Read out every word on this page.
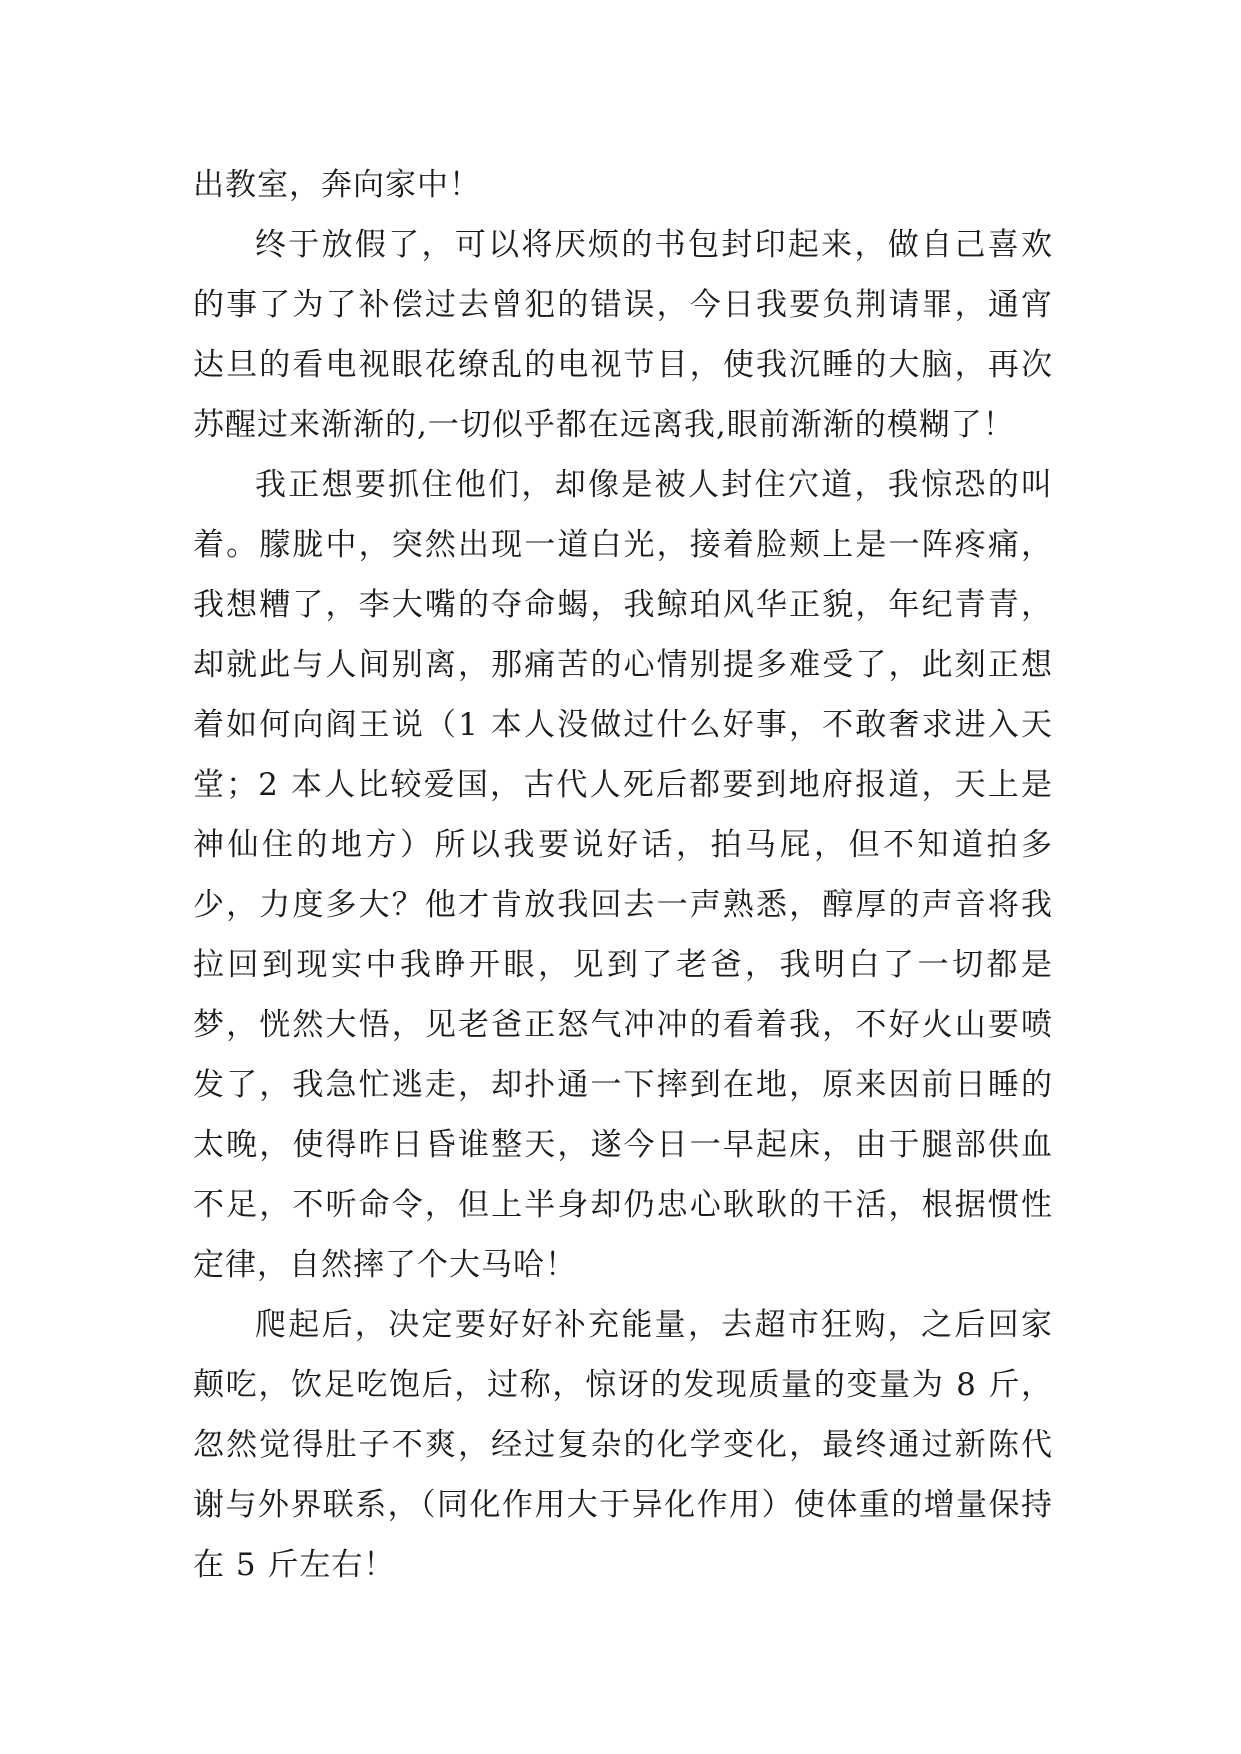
出教室，奔向家中！

终于放假了，可以将厌烦的书包封印起来，做自己喜欢的事了为了补偿过去曾犯的错误，今日我要负荆请罪，通宵达旦的看电视眼花缭乱的电视节目，使我沉睡的大脑，再次苏醒过来渐渐的,一切似乎都在远离我,眼前渐渐的模糊了！

我正想要抓住他们，却像是被人封住穴道，我惊恐的叫着。朦胧中，突然出现一道白光，接着脸颊上是一阵疼痛，我想糟了，李大嘴的夺命蝎，我鲸珀风华正貌，年纪青青，却就此与人间别离，那痛苦的心情别提多难受了，此刻正想着如何向阎王说（1 本人没做过什么好事，不敢奢求进入天堂；2 本人比较爱国，古代人死后都要到地府报道，天上是神仙住的地方）所以我要说好话，拍马屁，但不知道拍多少，力度多大？他才肯放我回去一声熟悉，醇厚的声音将我拉回到现实中我睁开眼，见到了老爸，我明白了一切都是梦，恍然大悟，见老爸正怒气冲冲的看着我，不好火山要喷发了，我急忙逃走，却扑通一下摔到在地，原来因前日睡的太晚，使得昨日昏谁整天，遂今日一早起床，由于腿部供血不足，不听命令，但上半身却仍忠心耿耿的干活，根据惯性定律，自然摔了个大马哈！

爬起后，决定要好好补充能量，去超市狂购，之后回家颠吃，饮足吃饱后，过称，惊讶的发现质量的变量为 8 斤，忽然觉得肚子不爽，经过复杂的化学变化，最终通过新陈代谢与外界联系，（同化作用大于异化作用）使体重的增量保持在 5 斤左右！
